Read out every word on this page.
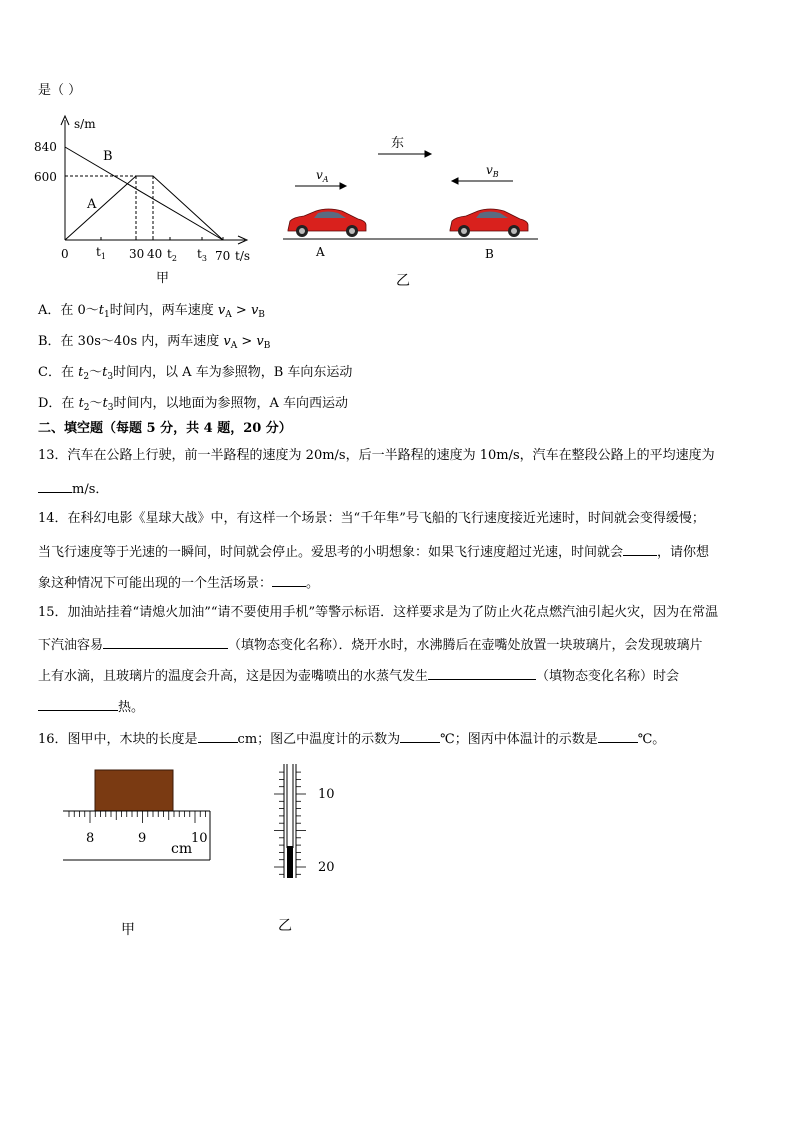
是（ ）
s/m
840
600
B
A
0 $t_1$ 30 40 $t_2$ $t_3$ 70 t/s
甲
东
$v_A$
$v_B$
A	B
乙
A．在 $0\sim t_1$时间内，两车速度 $v_A > v_B$
B．在 30s～40s 内，两车速度 $v_A > v_B$
C．在 $t_2\sim t_3$时间内，以 A 车为参照物，B 车向东运动
D．在 $t_2\sim t_3$时间内，以地面为参照物，A 车向西运动
二、填空题（每题 5 分，共 4 题，20 分）
13．汽车在公路上行驶，前一半路程的速度为 20m/s，后一半路程的速度为 10m/s，汽车在整段公路上的平均速度为
m/s．
14．在科幻电影《星球大战》中，有这样一个场景：当“千年隼”号飞船的飞行速度接近光速时，时间就会变得缓慢；
当飞行速度等于光速的一瞬间，时间就会停止。爱思考的小明想象：如果飞行速度超过光速，时间就会	，请你想
象这种情况下可能出现的一个生活场景：	。
15．加油站挂着“请熄火加油”“请不要使用手机”等警示标语．这样要求是为了防止火花点燃汽油引起火灾，因为在常温
下汽油容易	（填物态变化名称）．烧开水时，水沸腾后在壶嘴处放置一块玻璃片，会发现玻璃片
上有水滴，且玻璃片的温度会升高，这是因为壶嘴喷出的水蒸气发生	（填物态变化名称）时会
热。
16．图甲中，木块的长度是	cm；图乙中温度计的示数为	℃；图丙中体温计的示数是	℃。
8	9	10
cm
甲
10
20
乙
